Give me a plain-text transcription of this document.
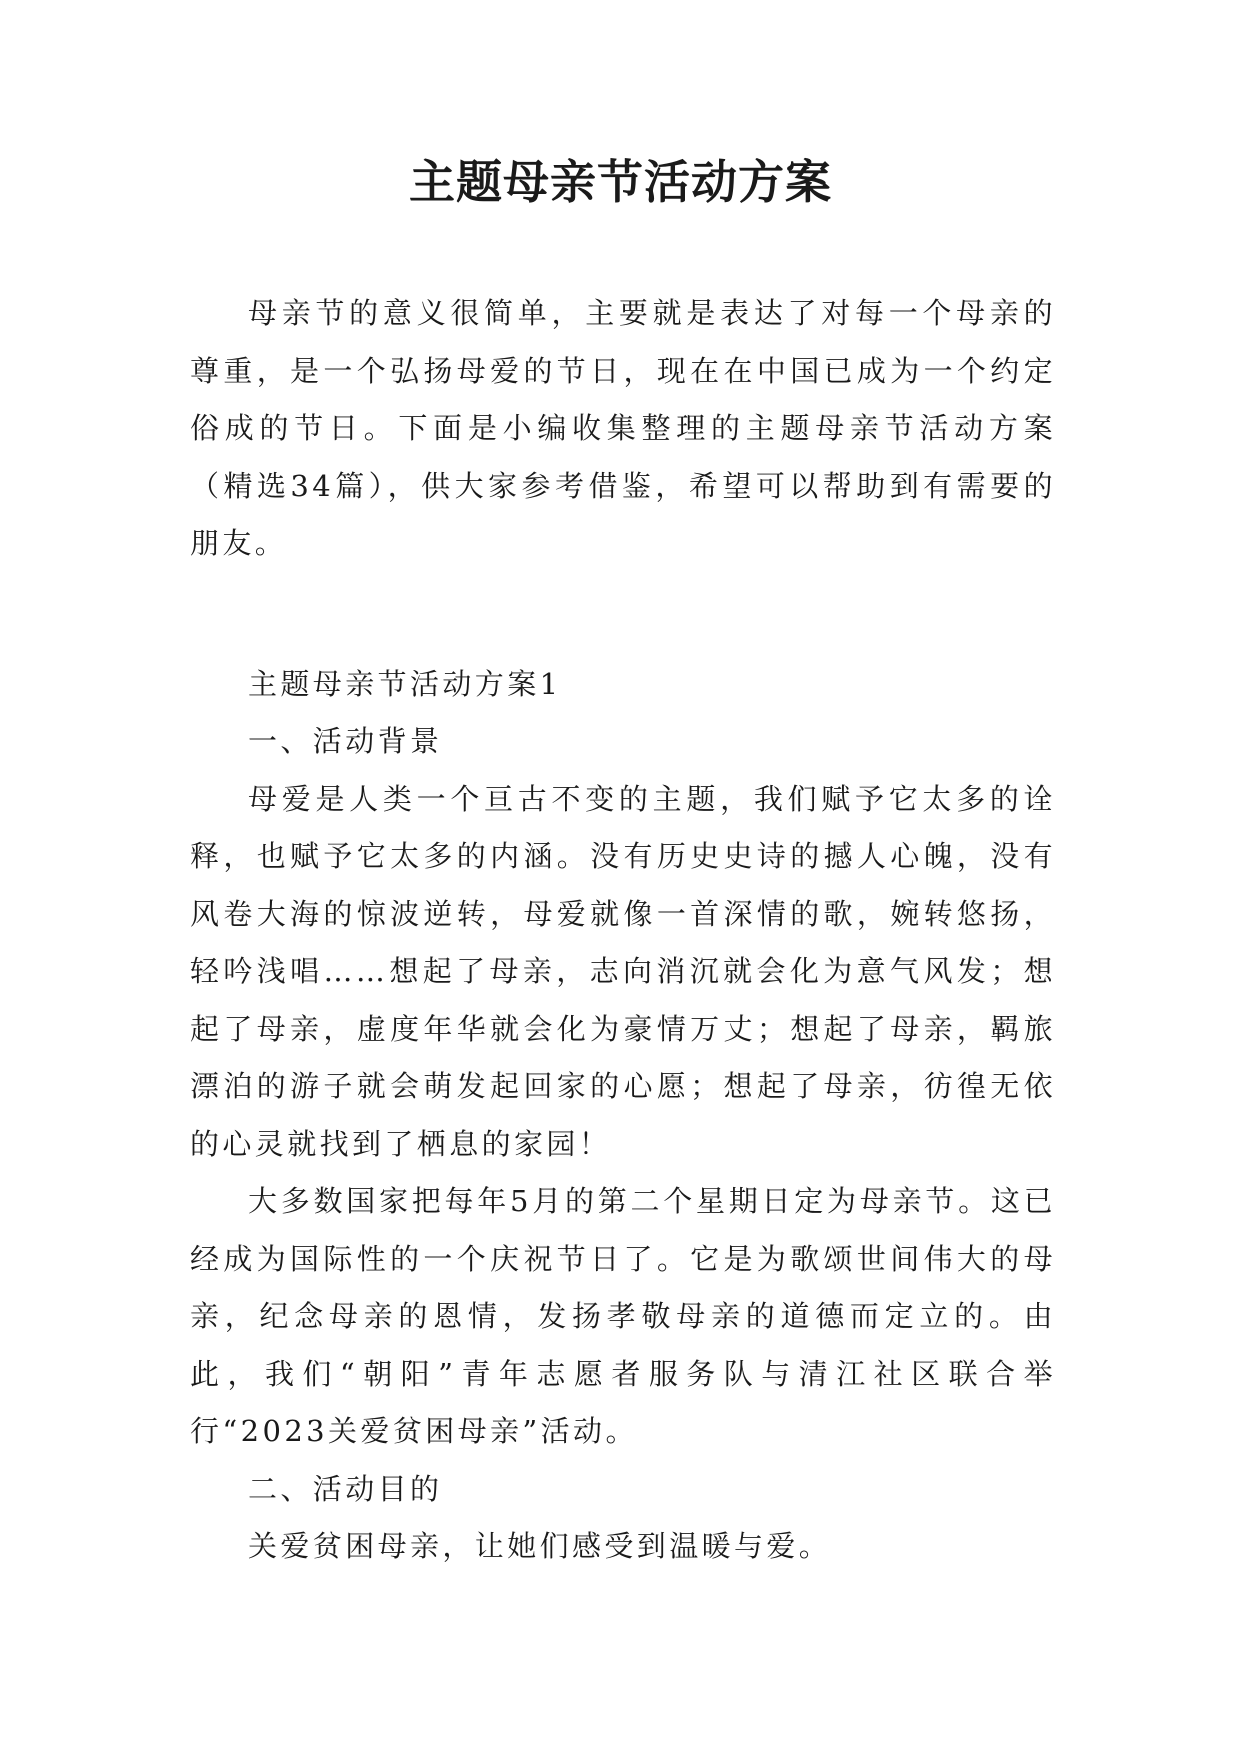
主题母亲节活动方案

母亲节的意义很简单，主要就是表达了对每一个母亲的尊重，是一个弘扬母爱的节日，现在在中国已成为一个约定俗成的节日。下面是小编收集整理的主题母亲节活动方案（精选34篇），供大家参考借鉴，希望可以帮助到有需要的朋友。

主题母亲节活动方案1

一、活动背景

母爱是人类一个亘古不变的主题，我们赋予它太多的诠释，也赋予它太多的内涵。没有历史史诗的撼人心魄，没有风卷大海的惊波逆转，母爱就像一首深情的歌，婉转悠扬，轻吟浅唱……想起了母亲，志向消沉就会化为意气风发；想起了母亲，虚度年华就会化为豪情万丈；想起了母亲，羁旅漂泊的游子就会萌发起回家的心愿；想起了母亲，彷徨无依的心灵就找到了栖息的家园！

大多数国家把每年5月的第二个星期日定为母亲节。这已经成为国际性的一个庆祝节日了。它是为歌颂世间伟大的母亲，纪念母亲的恩情，发扬孝敬母亲的道德而定立的。由此，我们“朝阳”青年志愿者服务队与清江社区联合举行“2023关爱贫困母亲”活动。

二、活动目的

关爱贫困母亲，让她们感受到温暖与爱。
